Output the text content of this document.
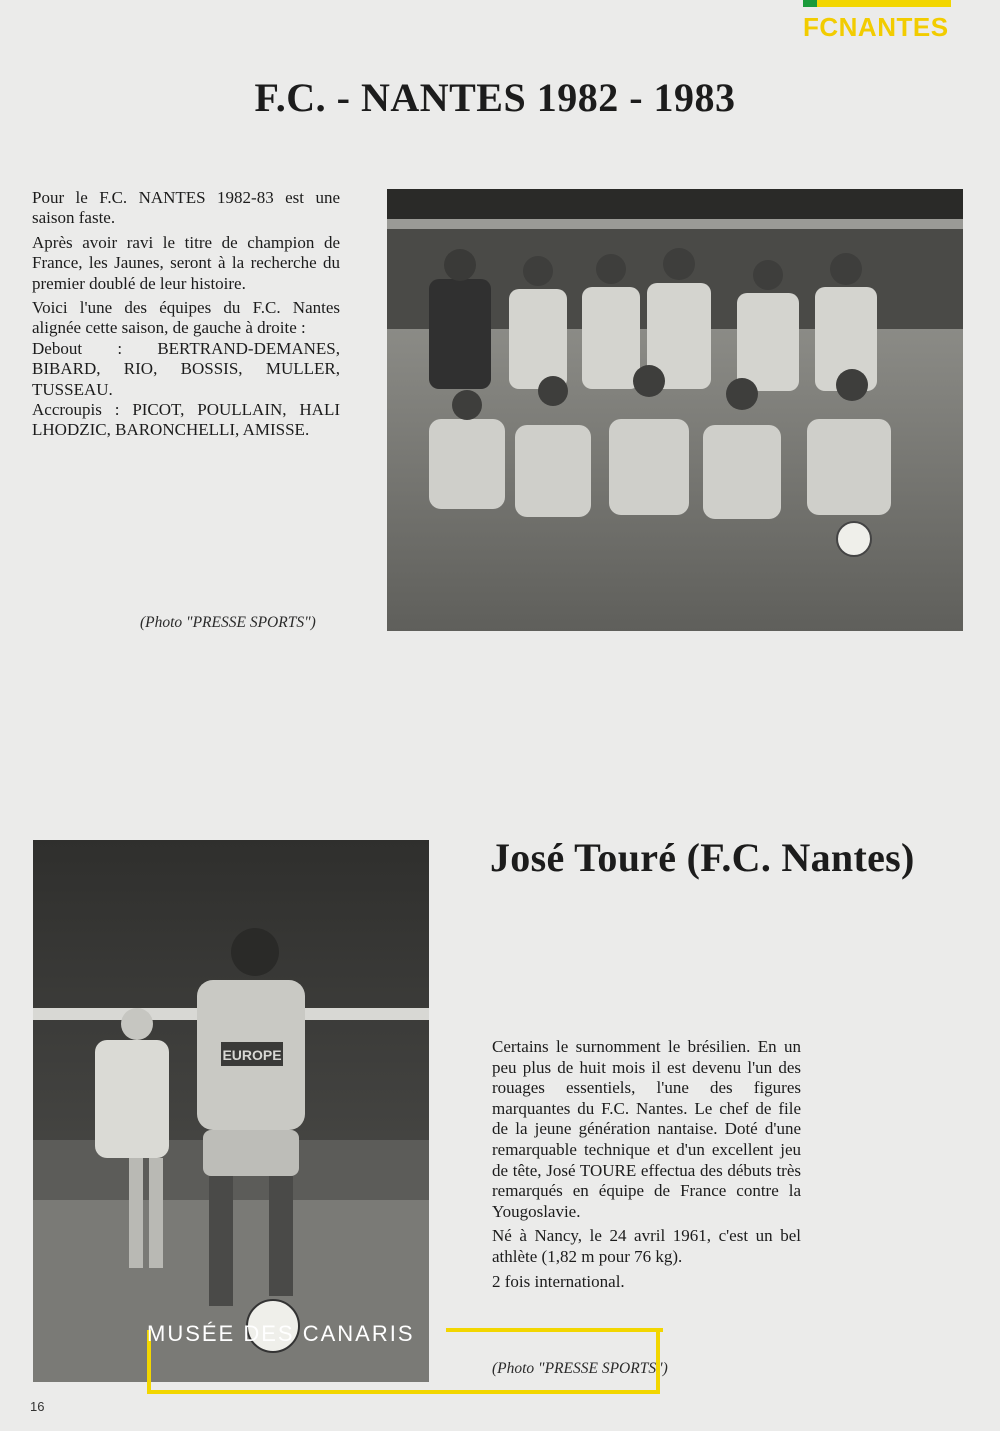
FCNANTES
F.C. - NANTES 1982 - 1983

Pour le F.C. NANTES 1982-83 est une saison faste.

Après avoir ravi le titre de champion de France, les Jaunes, seront à la recherche du premier doublé de leur histoire.

Voici l'une des équipes du F.C. Nantes alignée cette saison, de gauche à droite :

Debout : BERTRAND-DEMANES, BIBARD, RIO, BOSSIS, MULLER, TUSSEAU.

Accroupis : PICOT, POULLAIN, HALI LHODZIC, BARONCHELLI, AMISSE.

(Photo "PRESSE SPORTS")
José Touré (F.C. Nantes)
EUROPE	Certains le surnomment le brésilien. En un peu plus de huit mois il est devenu l'un des rouages essentiels, l'une des figures marquantes du F.C. Nantes. Le chef de file de la jeune génération nantaise. Doté d'une remarquable technique et d'un excellent jeu de tête, José TOURE effectua des débuts très remarqués en équipe de France contre la Yougoslavie.

Né à Nancy, le 24 avril 1961, c'est un bel athlète (1,82 m pour 76 kg).

2 fois international.

(Photo "PRESSE SPORTS")
MUSÉE DES CANARIS
16
